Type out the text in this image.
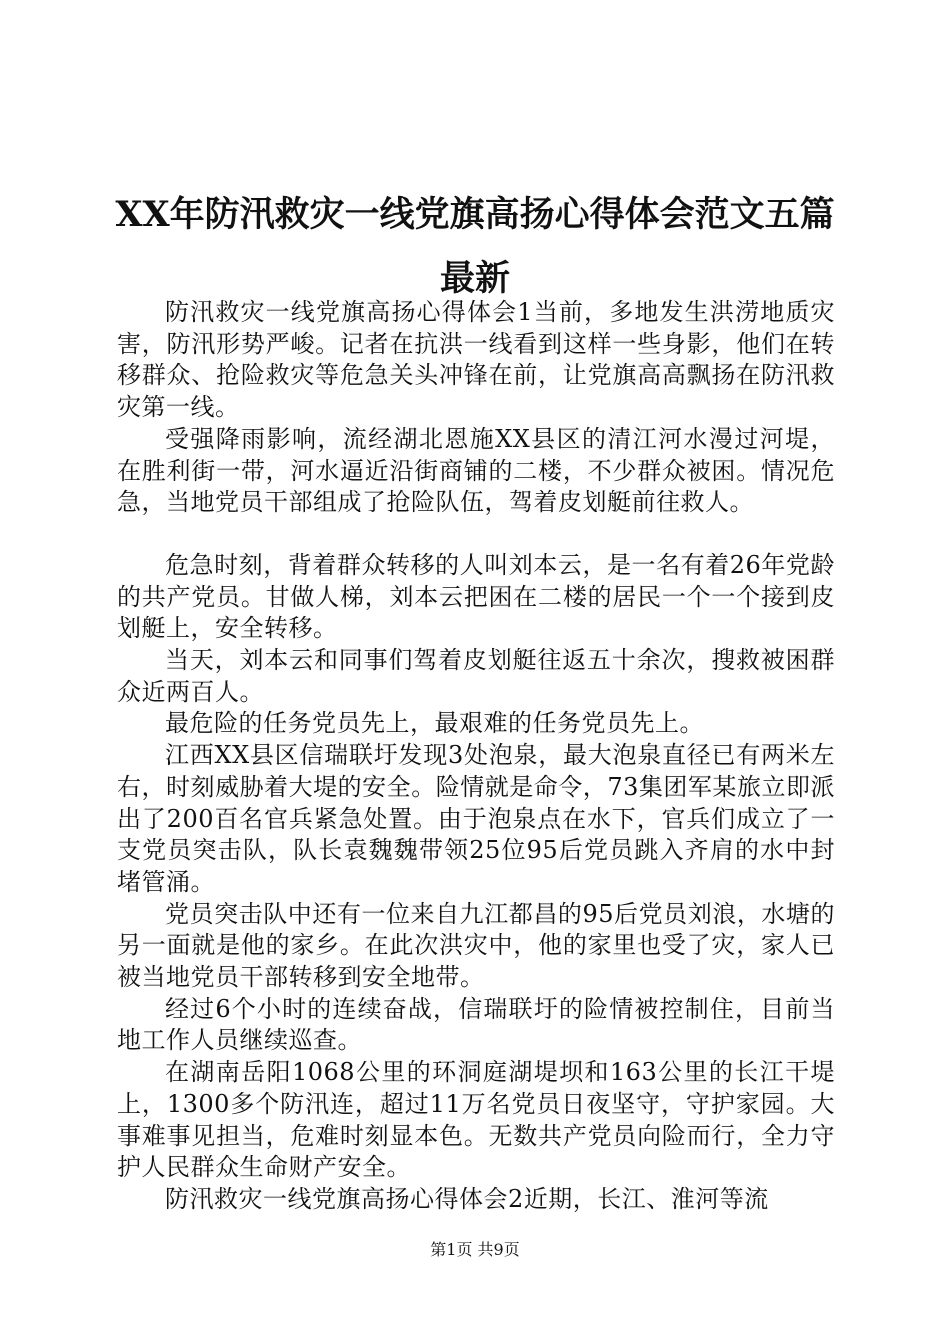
XX年防汛救灾一线党旗高扬心得体会范文五篇最新

防汛救灾一线党旗高扬心得体会1当前，多地发生洪涝地质灾害，防汛形势严峻。记者在抗洪一线看到这样一些身影，他们在转移群众、抢险救灾等危急关头冲锋在前，让党旗高高飘扬在防汛救灾第一线。

受强降雨影响，流经湖北恩施XX县区的清江河水漫过河堤，在胜利街一带，河水逼近沿街商铺的二楼，不少群众被困。情况危急，当地党员干部组成了抢险队伍，驾着皮划艇前往救人。

危急时刻，背着群众转移的人叫刘本云，是一名有着26年党龄的共产党员。甘做人梯，刘本云把困在二楼的居民一个一个接到皮划艇上，安全转移。

当天，刘本云和同事们驾着皮划艇往返五十余次，搜救被困群众近两百人。

最危险的任务党员先上，最艰难的任务党员先上。

江西XX县区信瑞联圩发现3处泡泉，最大泡泉直径已有两米左右，时刻威胁着大堤的安全。险情就是命令，73集团军某旅立即派出了200百名官兵紧急处置。由于泡泉点在水下，官兵们成立了一支党员突击队，队长袁魏魏带领25位95后党员跳入齐肩的水中封堵管涌。

党员突击队中还有一位来自九江都昌的95后党员刘浪，水塘的另一面就是他的家乡。在此次洪灾中，他的家里也受了灾，家人已被当地党员干部转移到安全地带。

经过6个小时的连续奋战，信瑞联圩的险情被控制住，目前当地工作人员继续巡查。

在湖南岳阳1068公里的环洞庭湖堤坝和163公里的长江干堤上，1300多个防汛连，超过11万名党员日夜坚守，守护家园。大事难事见担当，危难时刻显本色。无数共产党员向险而行，全力守护人民群众生命财产安全。

防汛救灾一线党旗高扬心得体会2近期，长江、淮河等流

第1页 共9页
